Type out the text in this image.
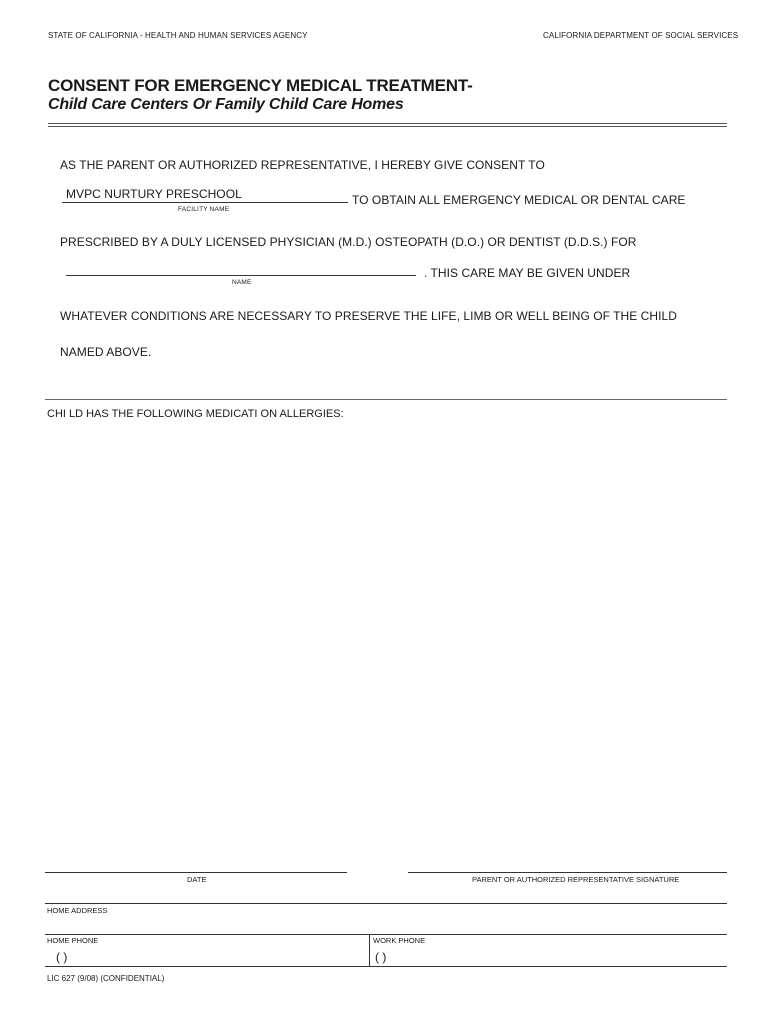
STATE OF CALIFORNIA - HEALTH AND HUMAN SERVICES AGENCY	CALIFORNIA DEPARTMENT OF SOCIAL SERVICES
CONSENT FOR EMERGENCY MEDICAL TREATMENT-
Child Care Centers Or Family Child Care Homes
AS THE PARENT OR AUTHORIZED REPRESENTATIVE, I HEREBY GIVE CONSENT TO
MVPC NURTURY PRESCHOOL
FACILITY NAME
TO OBTAIN ALL EMERGENCY MEDICAL OR DENTAL CARE
PRESCRIBED BY A DULY LICENSED PHYSICIAN (M.D.) OSTEOPATH (D.O.) OR DENTIST (D.D.S.) FOR
NAME
. THIS CARE MAY BE GIVEN UNDER
WHATEVER CONDITIONS ARE NECESSARY TO PRESERVE THE LIFE, LIMB OR WELL BEING OF THE CHILD
NAMED ABOVE.
CHI LD HAS THE FOLLOWING MEDICATI ON ALLERGIES:
DATE	PARENT OR AUTHORIZED REPRESENTATIVE SIGNATURE
HOME ADDRESS
HOME PHONE	WORK PHONE
( )	( )
LIC 627 (9/08) (CONFIDENTIAL)
